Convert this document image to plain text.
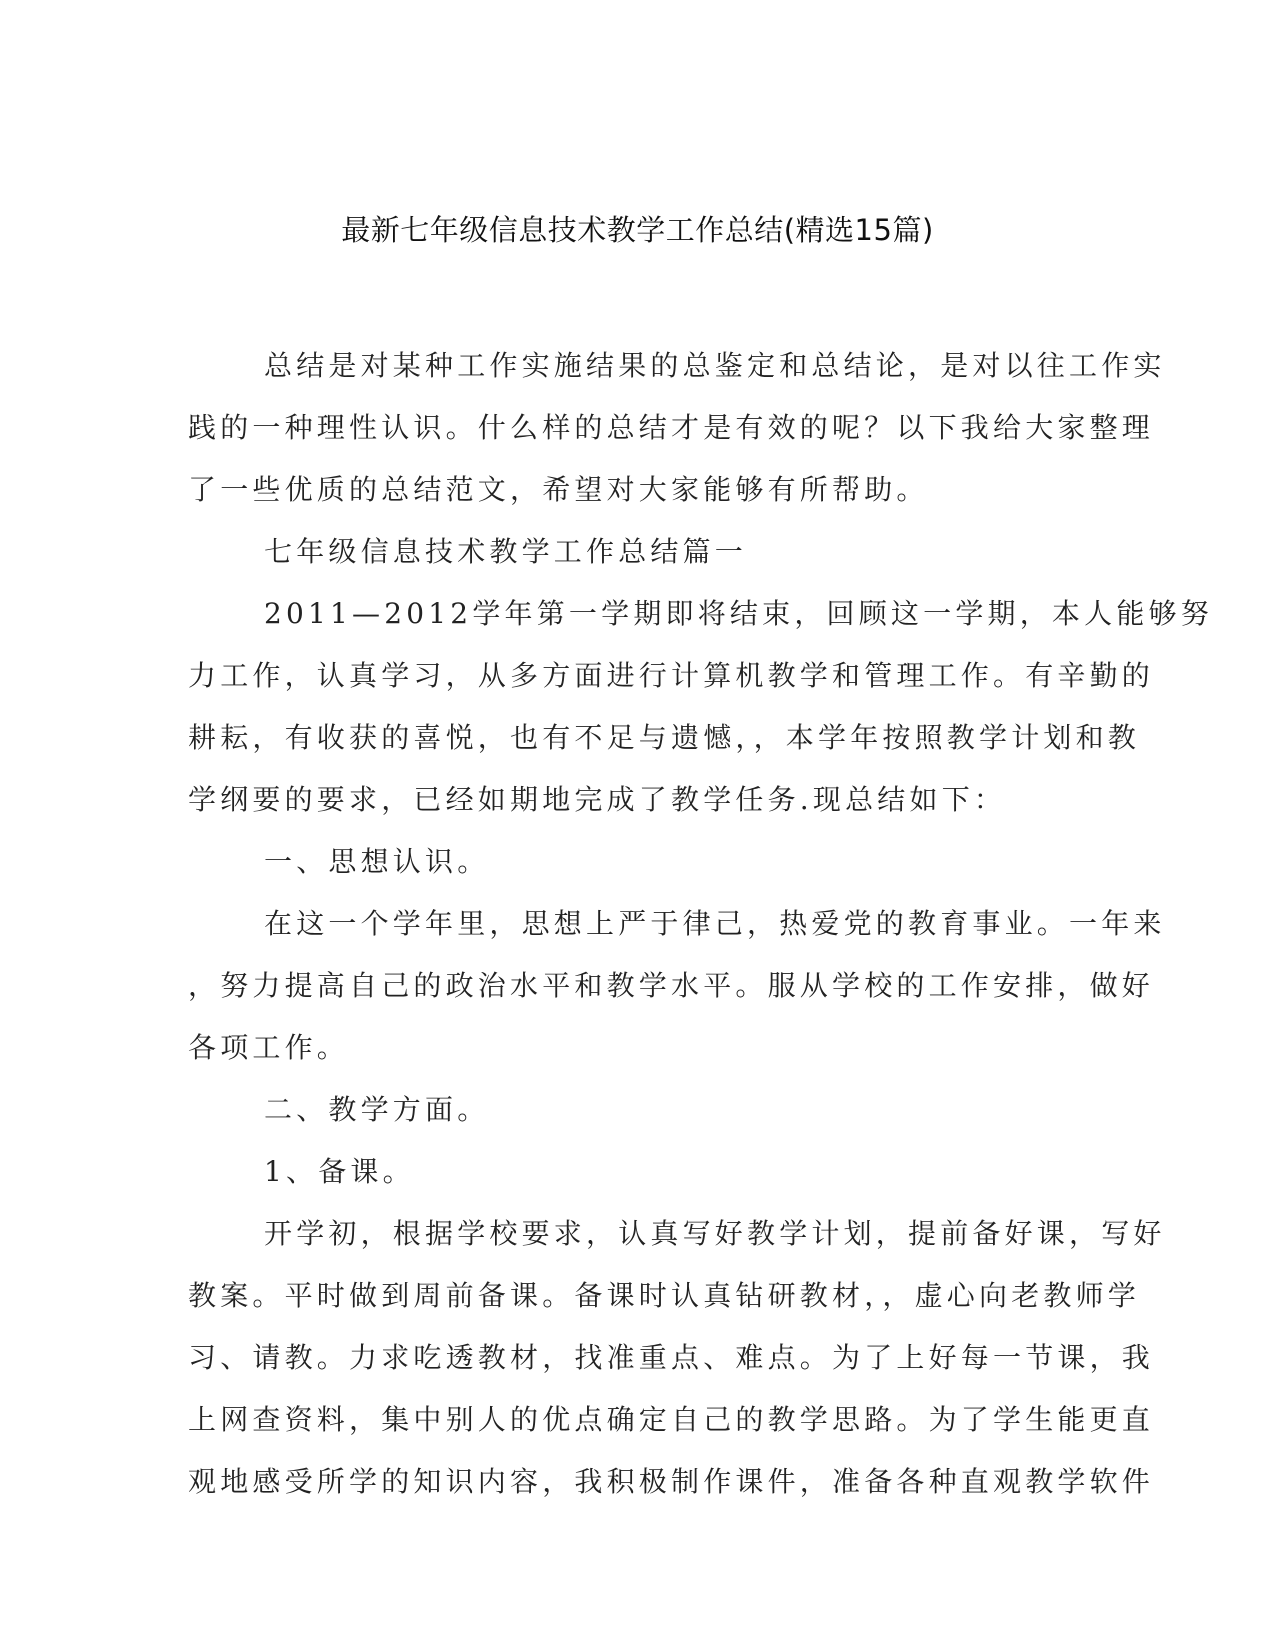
最新七年级信息技术教学工作总结(精选15篇)

总结是对某种工作实施结果的总鉴定和总结论，是对以往工作实
践的一种理性认识。什么样的总结才是有效的呢？以下我给大家整理
了一些优质的总结范文，希望对大家能够有所帮助。

七年级信息技术教学工作总结篇一

2011—2012学年第一学期即将结束，回顾这一学期，本人能够努
力工作，认真学习，从多方面进行计算机教学和管理工作。有辛勤的
耕耘，有收获的喜悦，也有不足与遗憾，，本学年按照教学计划和教
学纲要的要求，已经如期地完成了教学任务.现总结如下：

一、思想认识。

在这一个学年里，思想上严于律己，热爱党的教育事业。一年来
，努力提高自己的政治水平和教学水平。服从学校的工作安排，做好
各项工作。

二、教学方面。

1、备课。

开学初，根据学校要求，认真写好教学计划，提前备好课，写好
教案。平时做到周前备课。备课时认真钻研教材，，虚心向老教师学
习、请教。力求吃透教材，找准重点、难点。为了上好每一节课，我
上网查资料，集中别人的优点确定自己的教学思路。为了学生能更直
观地感受所学的知识内容，我积极制作课件，准备各种直观教学软件
